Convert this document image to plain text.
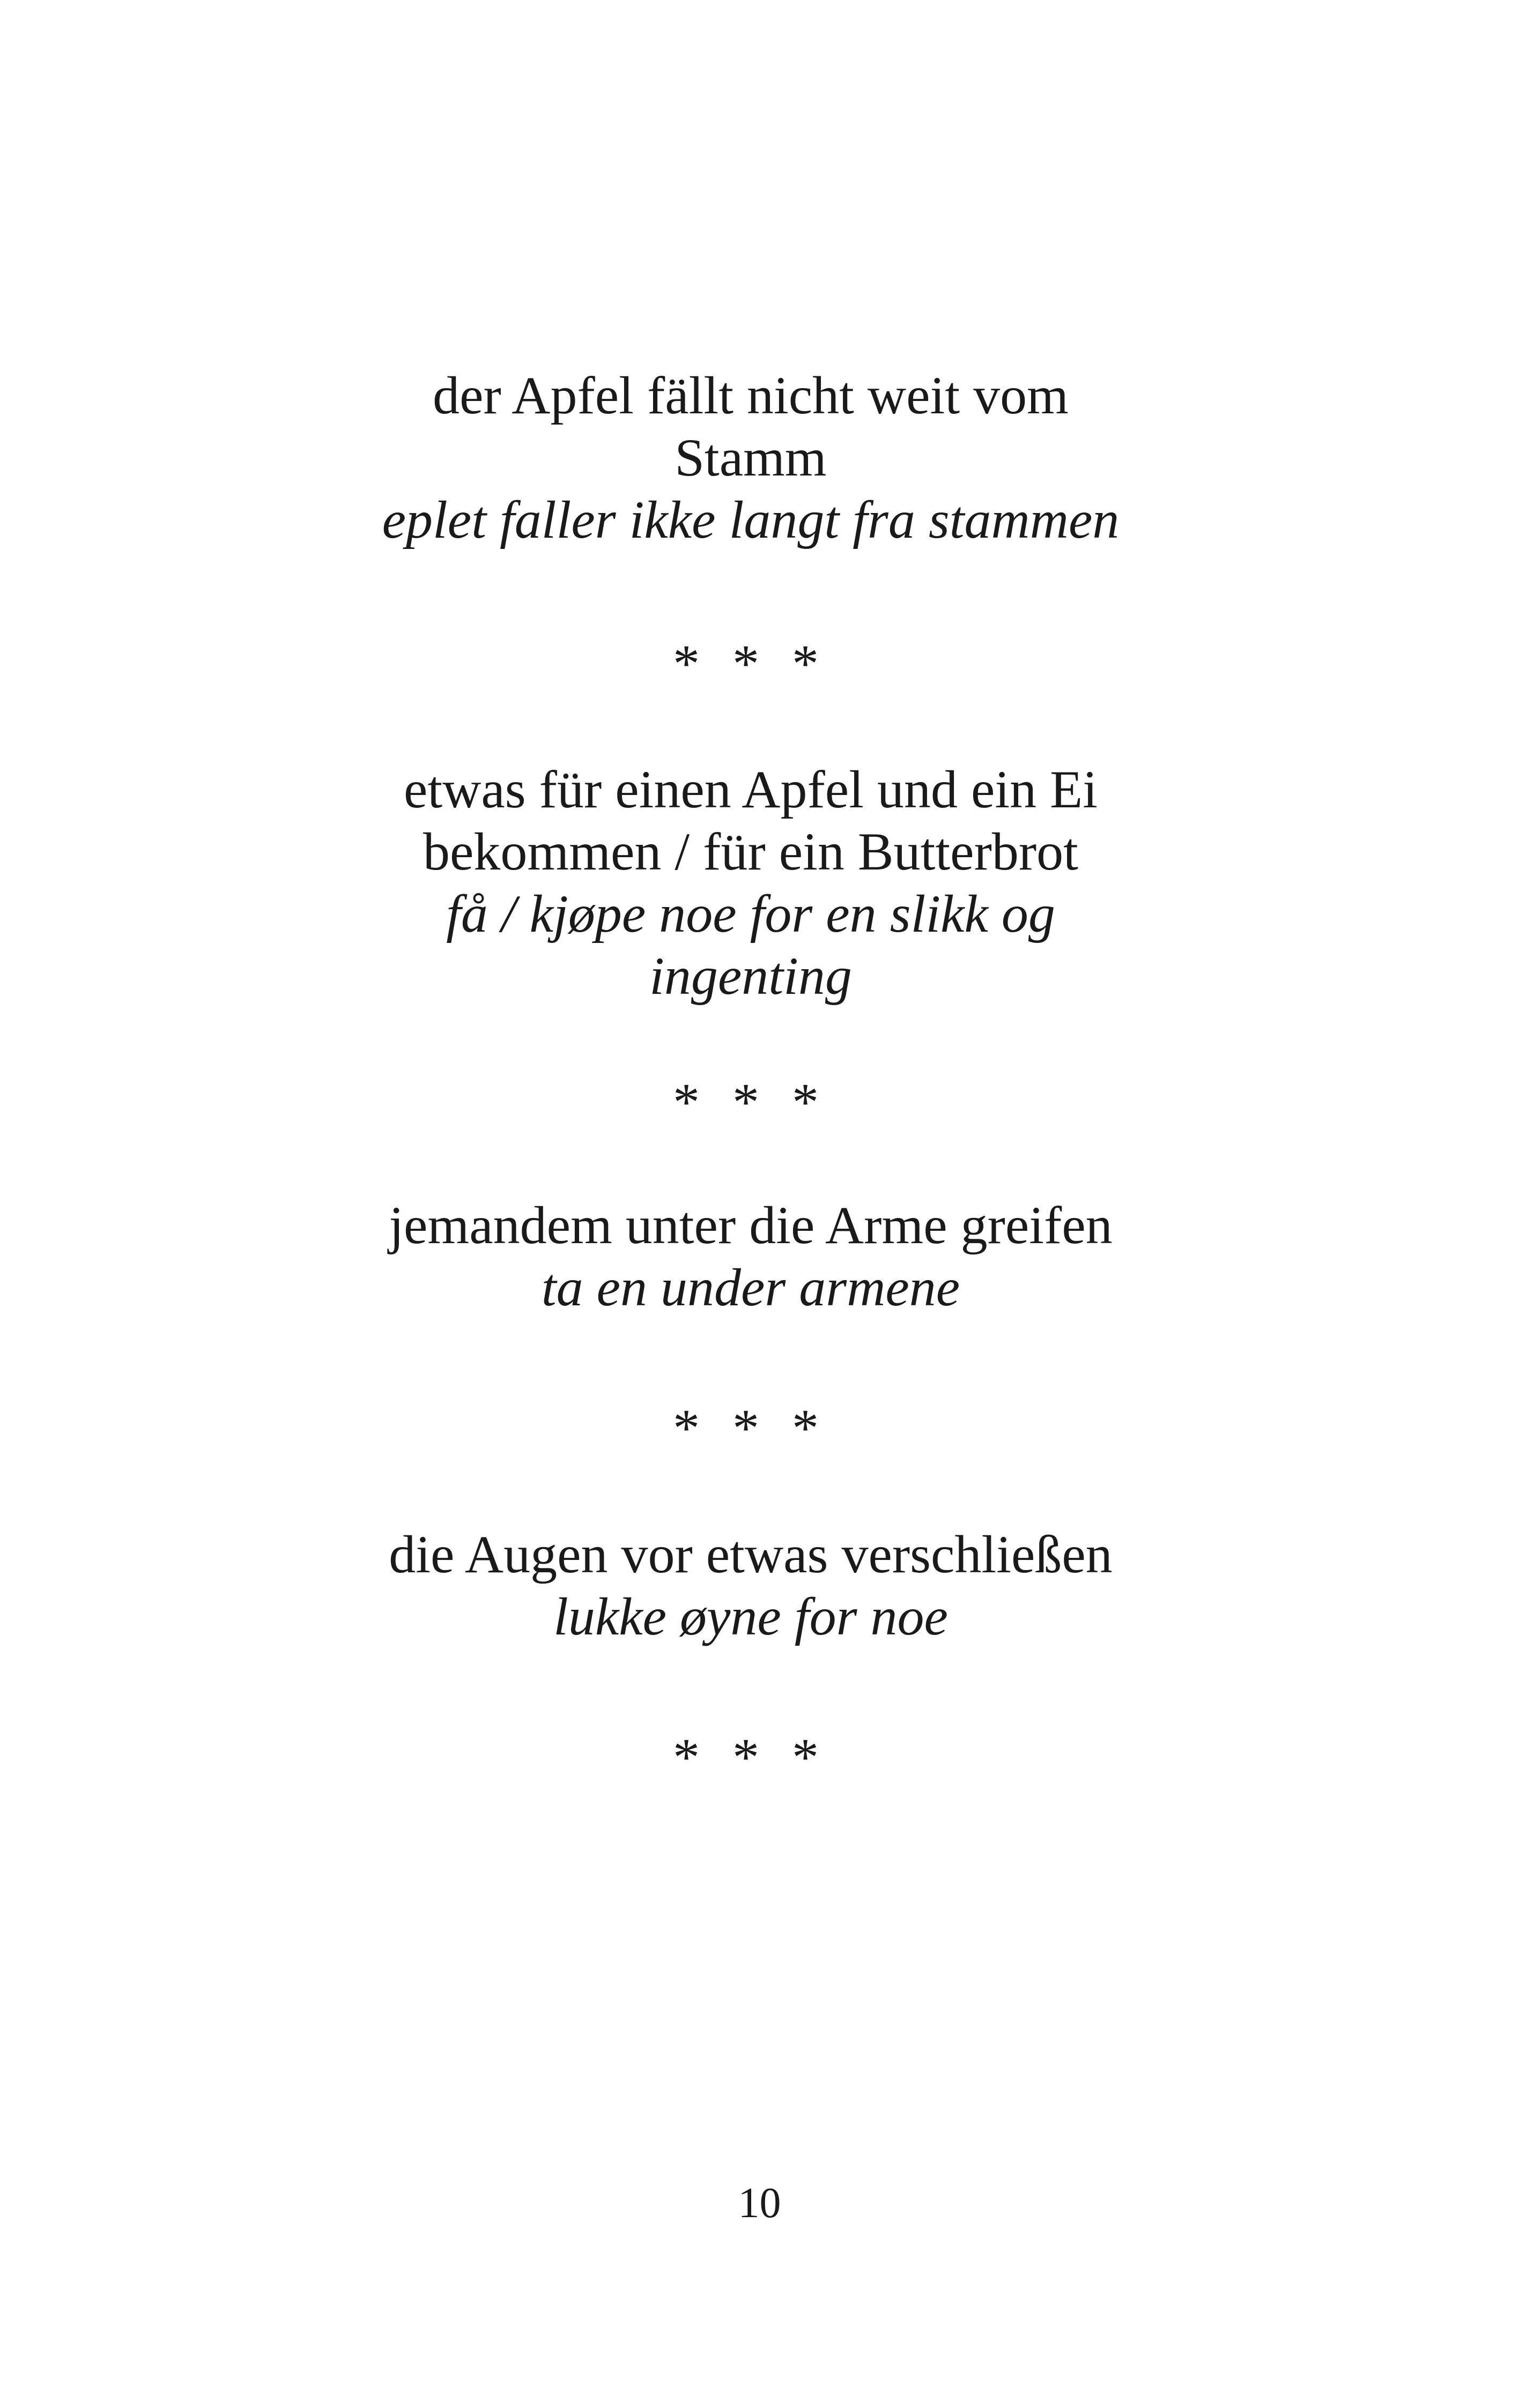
der Apfel fällt nicht weit vom

Stamm

eplet faller ikke langt fra stammen

* * *

etwas für einen Apfel und ein Ei

bekommen / für ein Butterbrot

få / kjøpe noe for en slikk og

ingenting

* * *

jemandem unter die Arme greifen

ta en under armene

* * *

die Augen vor etwas verschließen

lukke øyne for noe

* * *

10
